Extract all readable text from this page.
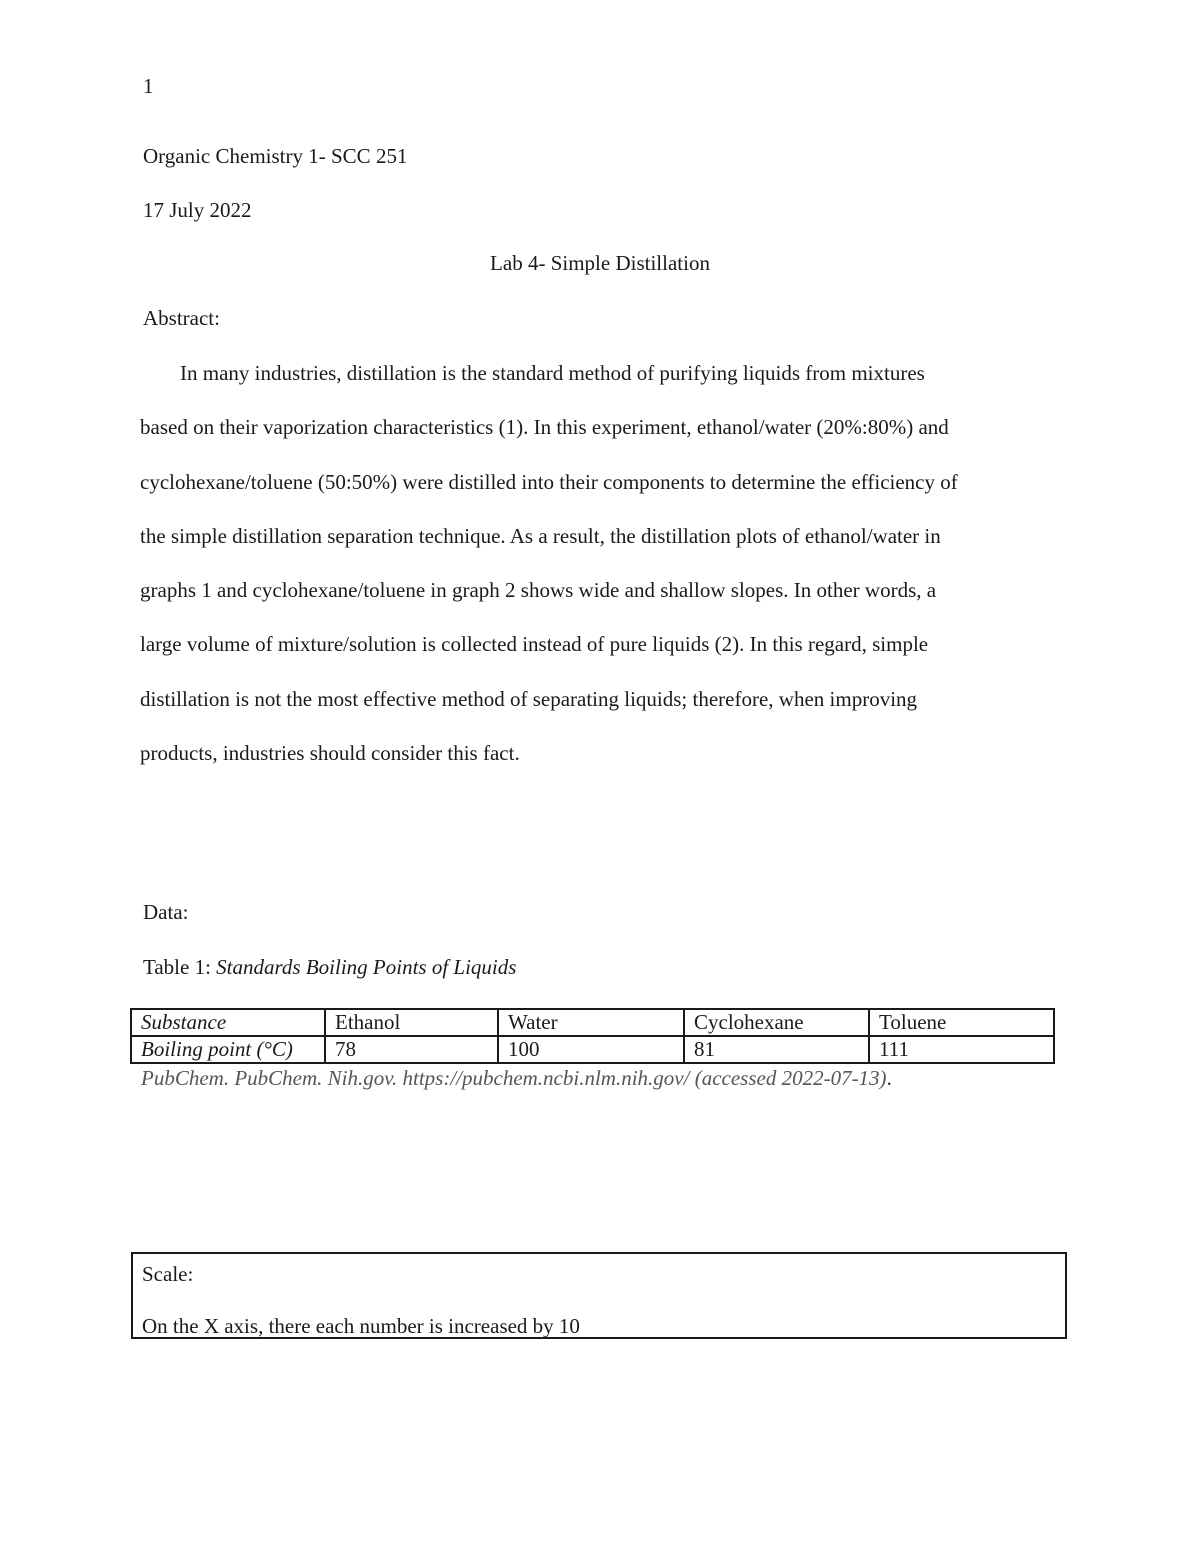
1
Organic Chemistry 1- SCC 251
17 July 2022
Lab 4- Simple Distillation
Abstract:
In many industries, distillation is the standard method of purifying liquids from mixtures
based on their vaporization characteristics (1). In this experiment, ethanol/water (20%:80%) and
cyclohexane/toluene (50:50%) were distilled into their components to determine the efficiency of
the simple distillation separation technique. As a result, the distillation plots of ethanol/water in
graphs 1 and cyclohexane/toluene in graph 2 shows wide and shallow slopes. In other words, a
large volume of mixture/solution is collected instead of pure liquids (2). In this regard, simple
distillation is not the most effective method of separating liquids; therefore, when improving
products, industries should consider this fact.
Data:
Table 1: Standards Boiling Points of Liquids
Substance	Ethanol	Water	Cyclohexane	Toluene
Boiling point (°C)	78	100	81	111
PubChem. PubChem. Nih.gov. https://pubchem.ncbi.nlm.nih.gov/ (accessed 2022-07-13).
Scale:
On the X axis, there each number is increased by 10
